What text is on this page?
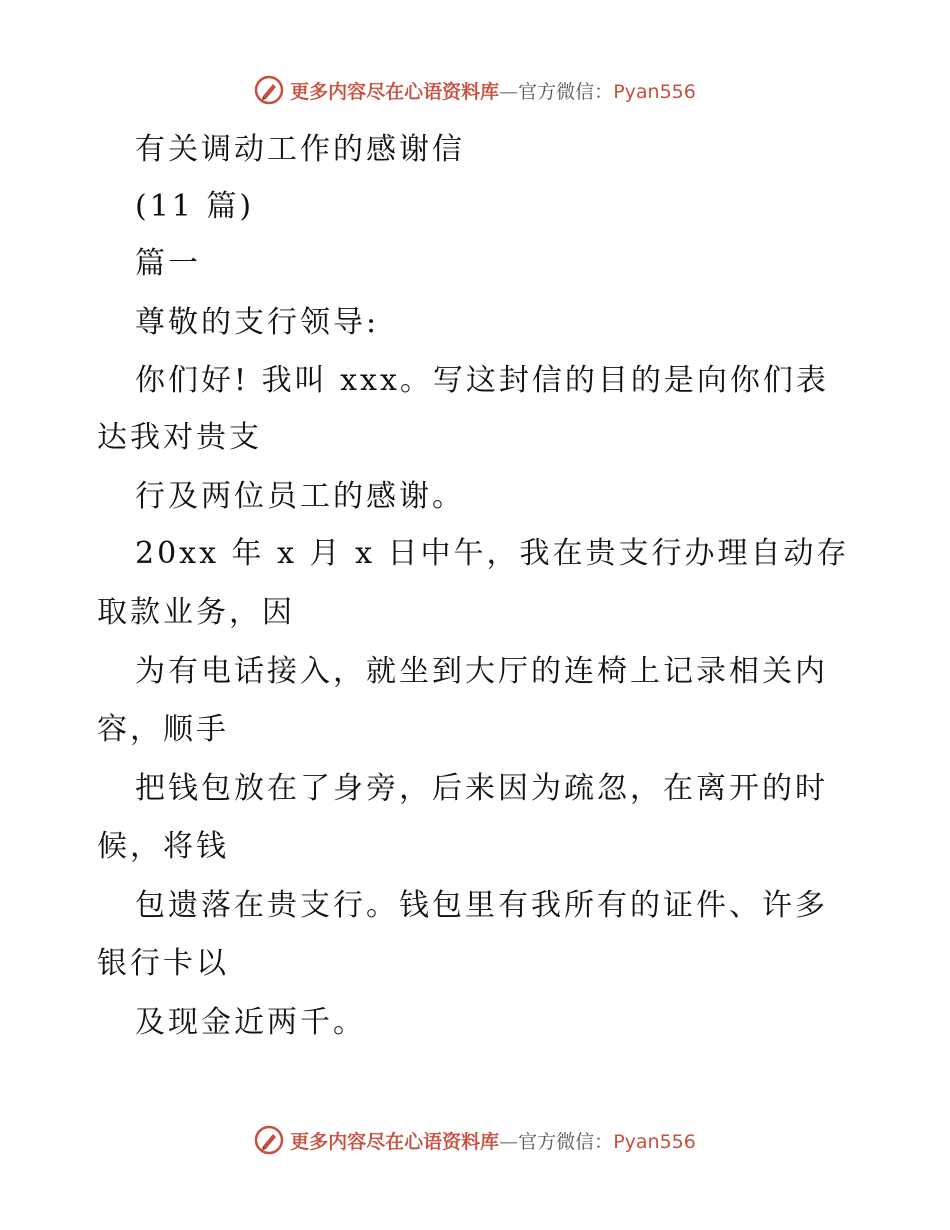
更多内容尽在心语资料库—官方微信：Pyan556
有关调动工作的感谢信
(11 篇)
篇一
尊敬的支行领导:
你们好! 我叫 xxx。写这封信的目的是向你们表
达我对贵支
行及两位员工的感谢。
20xx 年 x 月 x 日中午，我在贵支行办理自动存
取款业务，因
为有电话接入，就坐到大厅的连椅上记录相关内
容，顺手
把钱包放在了身旁，后来因为疏忽，在离开的时
候，将钱
包遗落在贵支行。钱包里有我所有的证件、许多
银行卡以
及现金近两千。
更多内容尽在心语资料库—官方微信：Pyan556
